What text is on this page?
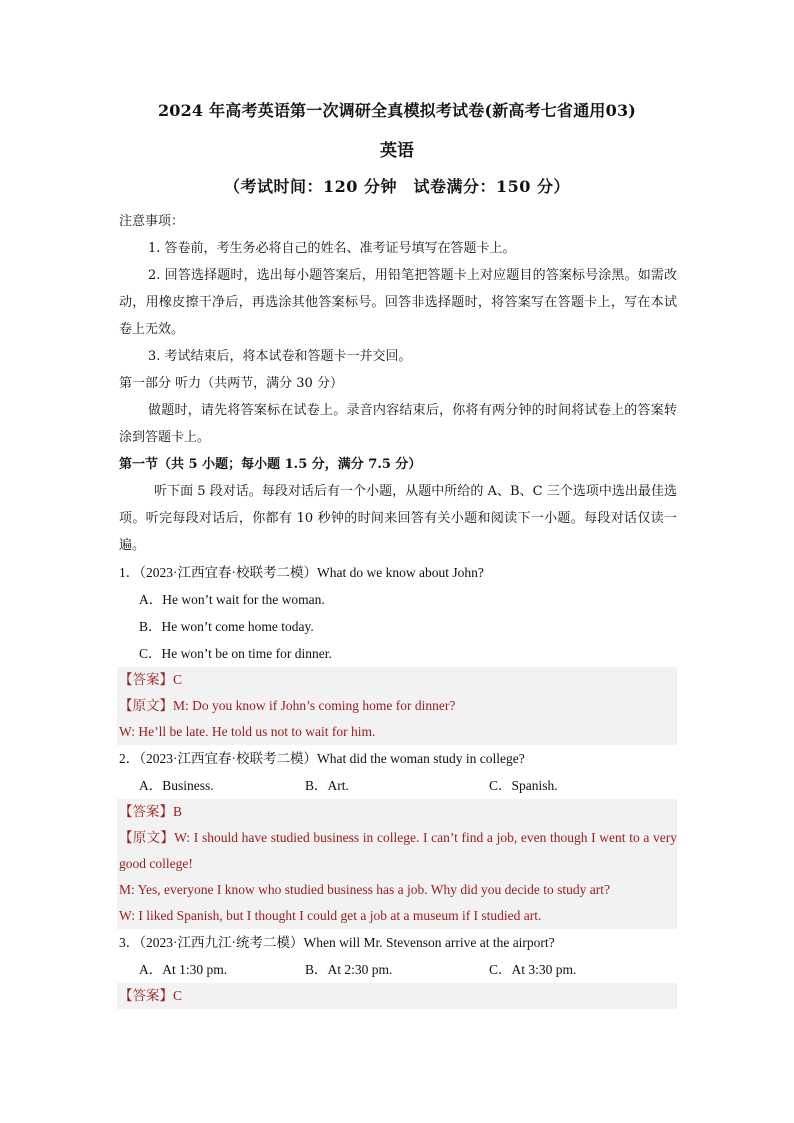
2024 年高考英语第一次调研全真模拟考试卷(新高考七省通用03)
英语
（考试时间：120 分钟　试卷满分：150 分）
注意事项：
1. 答卷前，考生务必将自己的姓名、准考证号填写在答题卡上。
2. 回答选择题时，选出每小题答案后，用铅笔把答题卡上对应题目的答案标号涂黑。如需改动，用橡皮擦干净后，再选涂其他答案标号。回答非选择题时，将答案写在答题卡上，写在本试卷上无效。
3. 考试结束后，将本试卷和答题卡一并交回。
第一部分 听力（共两节，满分 30 分）
做题时，请先将答案标在试卷上。录音内容结束后，你将有两分钟的时间将试卷上的答案转涂到答题卡上。
第一节（共 5 小题；每小题 1.5 分，满分 7.5 分）
听下面 5 段对话。每段对话后有一个小题，从题中所给的 A、B、C 三个选项中选出最佳选项。听完每段对话后，你都有 10 秒钟的时间来回答有关小题和阅读下一小题。每段对话仅读一遍。
1．（2023·江西宜春·校联考二模）What do we know about John?
A．He won’t wait for the woman.
B．He won’t come home today.
C．He won’t be on time for dinner.
【答案】C
【原文】M: Do you know if John’s coming home for dinner?
W: He’ll be late. He told us not to wait for him.
2．（2023·江西宜春·校联考二模）What did the woman study in college?
A．Business.	B．Art.	C．Spanish.
【答案】B
【原文】W: I should have studied business in college. I can’t find a job, even though I went to a very good college!
M: Yes, everyone I know who studied business has a job. Why did you decide to study art?
W: I liked Spanish, but I thought I could get a job at a museum if I studied art.
3．（2023·江西九江·统考二模）When will Mr. Stevenson arrive at the airport?
A．At 1:30 pm.	B．At 2:30 pm.	C．At 3:30 pm.
【答案】C
